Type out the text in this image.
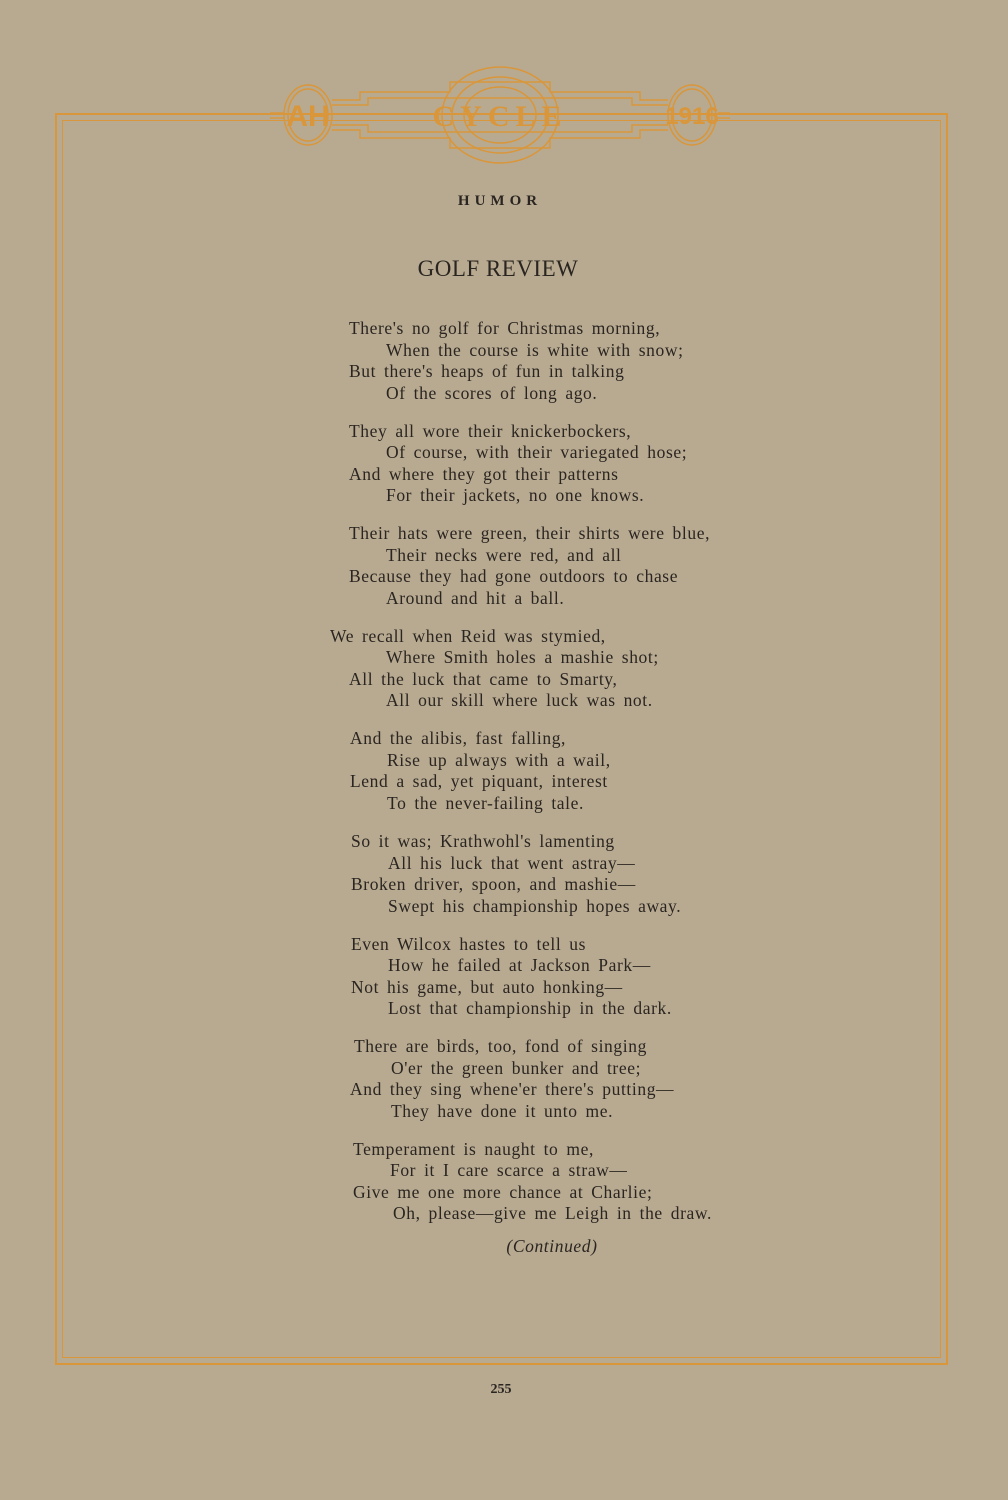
AH	CYCLE	1916
HUMOR
GOLF REVIEW
There's no golf for Christmas morning,
When the course is white with snow;
But there's heaps of fun in talking
Of the scores of long ago.
They all wore their knickerbockers,
Of course, with their variegated hose;
And where they got their patterns
For their jackets, no one knows.
Their hats were green, their shirts were blue,
Their necks were red, and all
Because they had gone outdoors to chase
Around and hit a ball.
We recall when Reid was stymied,
Where Smith holes a mashie shot;
All the luck that came to Smarty,
All our skill where luck was not.
And the alibis, fast falling,
Rise up always with a wail,
Lend a sad, yet piquant, interest
To the never-failing tale.
So it was; Krathwohl's lamenting
All his luck that went astray—
Broken driver, spoon, and mashie—
Swept his championship hopes away.
Even Wilcox hastes to tell us
How he failed at Jackson Park—
Not his game, but auto honking—
Lost that championship in the dark.
There are birds, too, fond of singing
O'er the green bunker and tree;
And they sing whene'er there's putting—
They have done it unto me.
Temperament is naught to me,
For it I care scarce a straw—
Give me one more chance at Charlie;
Oh, please—give me Leigh in the draw.
(Continued)
255
